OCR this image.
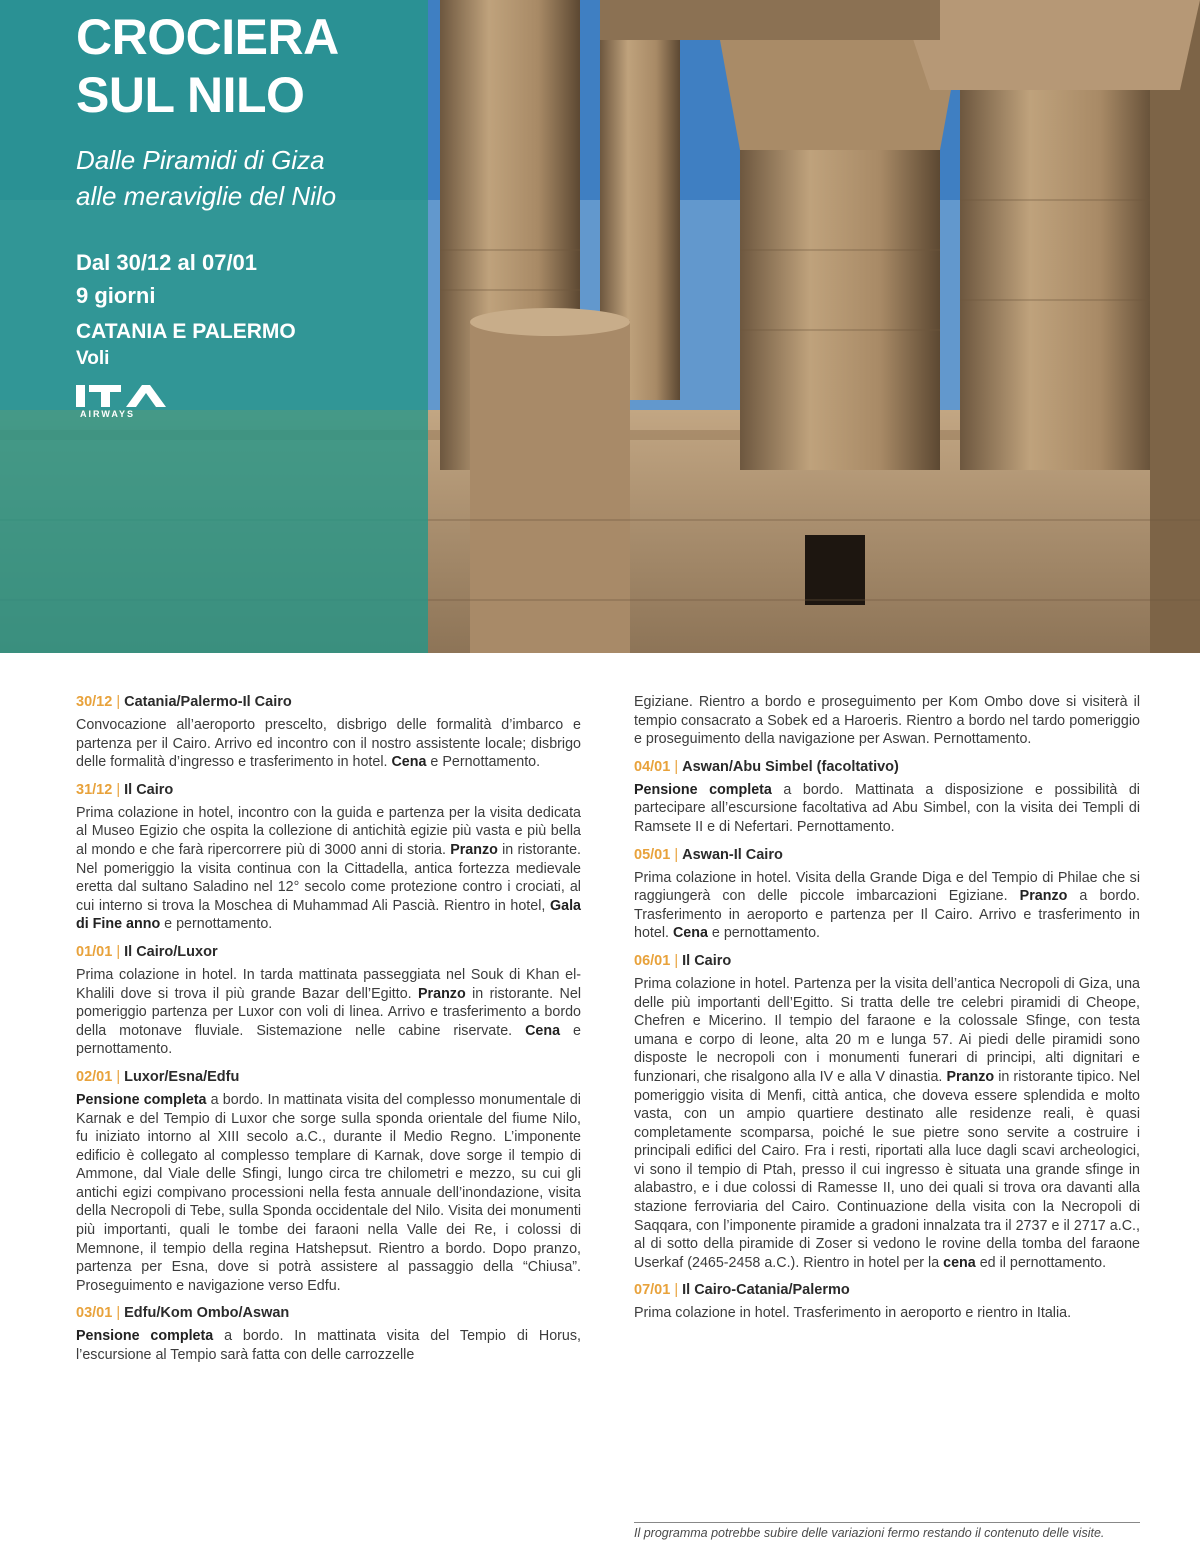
CROCIERA
SUL NILO
Dalle Piramidi di Giza
alle meraviglie del Nilo
Dal 30/12 al 07/01
9 giorni
CATANIA E PALERMO
Voli
AIRWAYS
30/12 | Catania/Palermo-Il Cairo

Convocazione all’aeroporto prescelto, disbrigo delle formalità d’imbarco e partenza per il Cairo. Arrivo ed incontro con il nostro assistente locale; disbrigo delle formalità d’ingresso e trasferimento in hotel. Cena e Pernottamento.

31/12 | Il Cairo

Prima colazione in hotel, incontro con la guida e partenza per la visita dedicata al Museo Egizio che ospita la collezione di antichità egizie più vasta e più bella al mondo e che farà ripercorrere più di 3000 anni di storia. Pranzo in ristorante. Nel pomeriggio la visita continua con la Cittadella, antica fortezza medievale eretta dal sultano Saladino nel 12° secolo come protezione contro i crociati, al cui interno si trova la Moschea di Muhammad Ali Pascià. Rientro in hotel, Gala di Fine anno e pernottamento.

01/01 | Il Cairo/Luxor

Prima colazione in hotel. In tarda mattinata passeggiata nel Souk di Khan el-Khalili dove si trova il più grande Bazar dell’Egitto. Pranzo in ristorante. Nel pomeriggio partenza per Luxor con voli di linea. Arrivo e trasferimento a bordo della motonave fluviale. Sistemazione nelle cabine riservate. Cena e pernottamento.

02/01 | Luxor/Esna/Edfu

Pensione completa a bordo. In mattinata visita del complesso monumentale di Karnak e del Tempio di Luxor che sorge sulla sponda orientale del fiume Nilo, fu iniziato intorno al XIII secolo a.C., durante il Medio Regno. L’imponente edificio è collegato al complesso templare di Karnak, dove sorge il tempio di Ammone, dal Viale delle Sfingi, lungo circa tre chilometri e mezzo, su cui gli antichi egizi compivano processioni nella festa annuale dell’inondazione, visita della Necropoli di Tebe, sulla Sponda occidentale del Nilo. Visita dei monumenti più importanti, quali le tombe dei faraoni nella Valle dei Re, i colossi di Memnone, il tempio della regina Hatshepsut. Rientro a bordo. Dopo pranzo, partenza per Esna, dove si potrà assistere al passaggio della “Chiusa”. Proseguimento e navigazione verso Edfu.

03/01 | Edfu/Kom Ombo/Aswan

Pensione completa a bordo. In mattinata visita del Tempio di Horus, l’escursione al Tempio sarà fatta con delle carrozzelle

Egiziane. Rientro a bordo e proseguimento per Kom Ombo dove si visiterà il tempio consacrato a Sobek ed a Haroeris. Rientro a bordo nel tardo pomeriggio e proseguimento della navigazione per Aswan. Pernottamento.

04/01 | Aswan/Abu Simbel (facoltativo)

Pensione completa a bordo. Mattinata a disposizione e possibilità di partecipare all’escursione facoltativa ad Abu Simbel, con la visita dei Templi di Ramsete II e di Nefertari. Pernottamento.

05/01 | Aswan-Il Cairo

Prima colazione in hotel. Visita della Grande Diga e del Tempio di Philae che si raggiungerà con delle piccole imbarcazioni Egiziane. Pranzo a bordo. Trasferimento in aeroporto e partenza per Il Cairo. Arrivo e trasferimento in hotel. Cena e pernottamento.

06/01 | Il Cairo

Prima colazione in hotel. Partenza per la visita dell’antica Necropoli di Giza, una delle più importanti dell’Egitto. Si tratta delle tre celebri piramidi di Cheope, Chefren e Micerino. Il tempio del faraone e la colossale Sfinge, con testa umana e corpo di leone, alta 20 m e lunga 57. Ai piedi delle piramidi sono disposte le necropoli con i monumenti funerari di principi, alti dignitari e funzionari, che risalgono alla IV e alla V dinastia. Pranzo in ristorante tipico. Nel pomeriggio visita di Menfi, città antica, che doveva essere splendida e molto vasta, con un ampio quartiere destinato alle residenze reali, è quasi completamente scomparsa, poiché le sue pietre sono servite a costruire i principali edifici del Cairo. Fra i resti, riportati alla luce dagli scavi archeologici, vi sono il tempio di Ptah, presso il cui ingresso è situata una grande sfinge in alabastro, e i due colossi di Ramesse II, uno dei quali si trova ora davanti alla stazione ferroviaria del Cairo. Continuazione della visita con la Necropoli di Saqqara, con l’imponente piramide a gradoni innalzata tra il 2737 e il 2717 a.C., al di sotto della piramide di Zoser si vedono le rovine della tomba del faraone Userkaf (2465-2458 a.C.). Rientro in hotel per la cena ed il pernottamento.

07/01 | Il Cairo-Catania/Palermo

Prima colazione in hotel. Trasferimento in aeroporto e rientro in Italia.

Il programma potrebbe subire delle variazioni fermo restando il contenuto delle visite.
